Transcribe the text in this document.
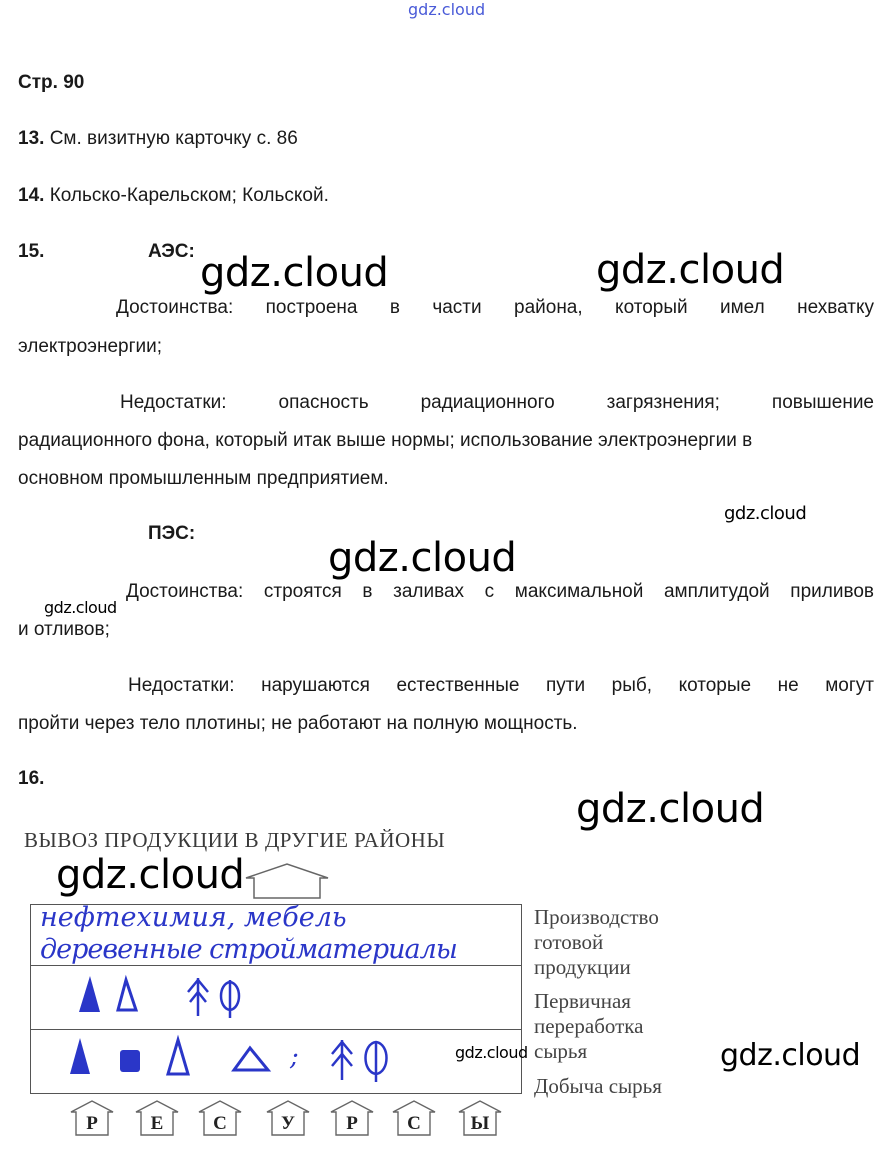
gdz.cloud
Стр. 90
13. См. визитную карточку с. 86
14. Кольско-Карельском; Кольской.
15.	АЭС:
Достоинства: построена в части района, который имел нехватку
электроэнергии;
Недостатки: опасность радиационного загрязнения; повышение
радиационного фона, который итак выше нормы; использование электроэнергии в
основном промышленным предприятием.
ПЭС:
Достоинства: строятся в заливах с максимальной амплитудой приливов
и отливов;
Недостатки: нарушаются естественные пути рыб, которые не могут
пройти через тело плотины; не работают на полную мощность.
16.
ВЫВОЗ ПРОДУКЦИИ В ДРУГИЕ РАЙОНЫ
нефтехимия, мебель
деревенные стройматериалы
;
Производство
готовой
продукции
Первичная
переработка
сырья
Добыча сырья
Р	Е	С	У	Р	С	Ы
gdz.cloud	gdz.cloud
gdz.cloud
gdz.cloud
gdz.cloud
gdz.cloud
gdz.cloud
gdz.cloud	gdz.cloud
